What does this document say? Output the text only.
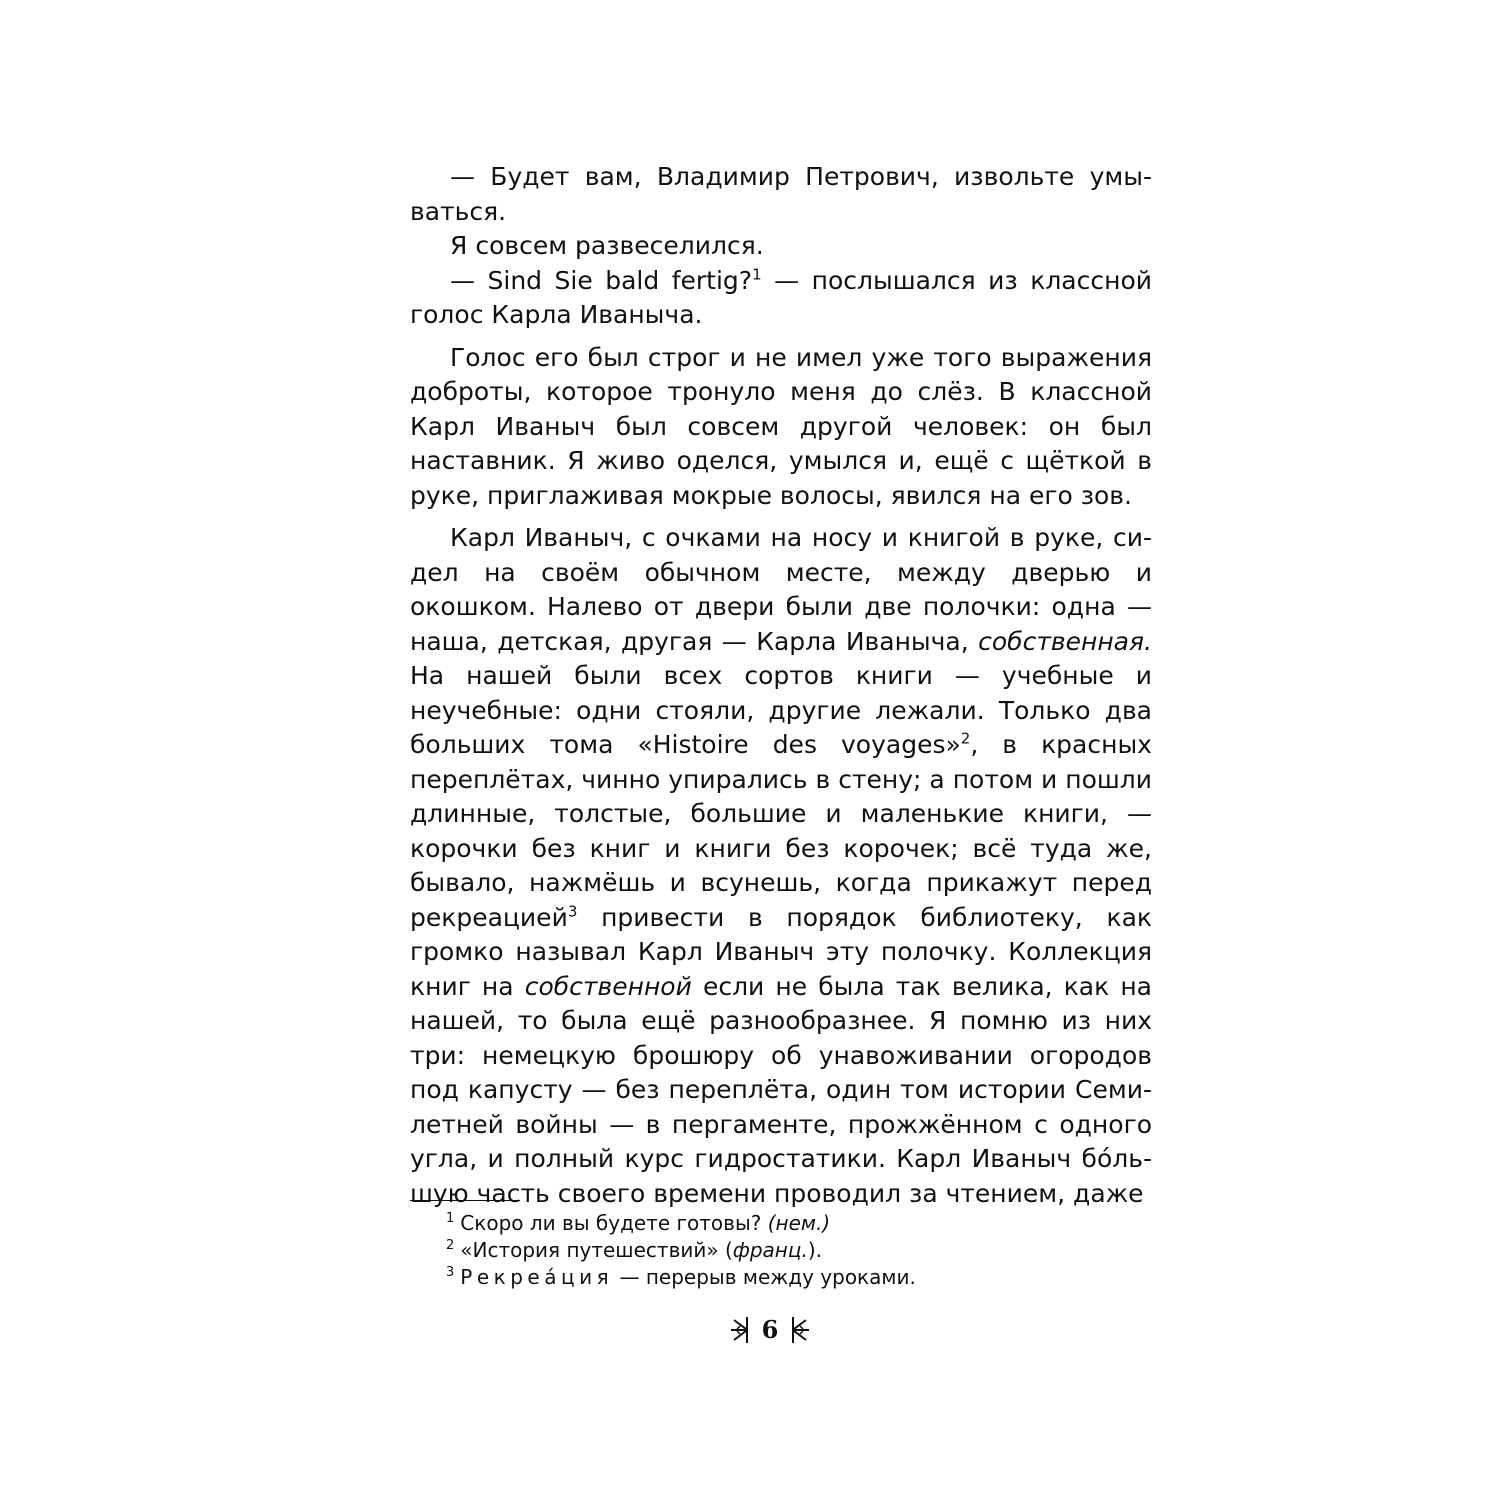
— Будет вам, Владимир Петрович, извольте умываться.

Я совсем развеселился.

— Sind Sie bald fertig?$^1$ — послышался из классной голос Карла Иваныча.

Голос его был строг и не имел уже того выражения доброты, которое тронуло меня до слёз. В классной Карл Иваныч был совсем другой человек: он был наставник. Я живо оделся, умылся и, ещё с щёткой в руке, приглаживая мокрые волосы, явился на его зов.

Карл Иваныч, с очками на носу и книгой в руке, сидел на своём обычном месте, между дверью и окошком. Налево от двери были две полочки: одна — наша, детская, другая — Карла Иваныча, собственная. На нашей были всех сортов книги — учебные и неучебные: одни стояли, другие лежали. Только два больших тома «Histoire des voyages»$^2$, в красных переплётах, чинно упирались в стену; а потом и пошли длинные, толстые, большие и маленькие книги, — корочки без книг и книги без корочек; всё туда же, бывало, нажмёшь и всунешь, когда прикажут перед рекреацией$^3$ привести в порядок библиотеку, как громко называл Карл Иваныч эту полочку. Коллекция книг на собственной если не была так велика, как на нашей, то была ещё разнообразнее. Я помню из них три: немецкую брошюру об унавоживании огородов под капусту — без переплёта, один том истории Семилетней войны — в пергаменте, прожжённом с одного угла, и полный курс гидростатики. Карл Иваныч бо́льшую часть своего времени проводил за чтением, даже

$^1$ Скоро ли вы будете готовы? (нем.)
$^2$ «История путешествий» (франц.).
$^3$ Рекреа́ция — перерыв между уроками.
6
